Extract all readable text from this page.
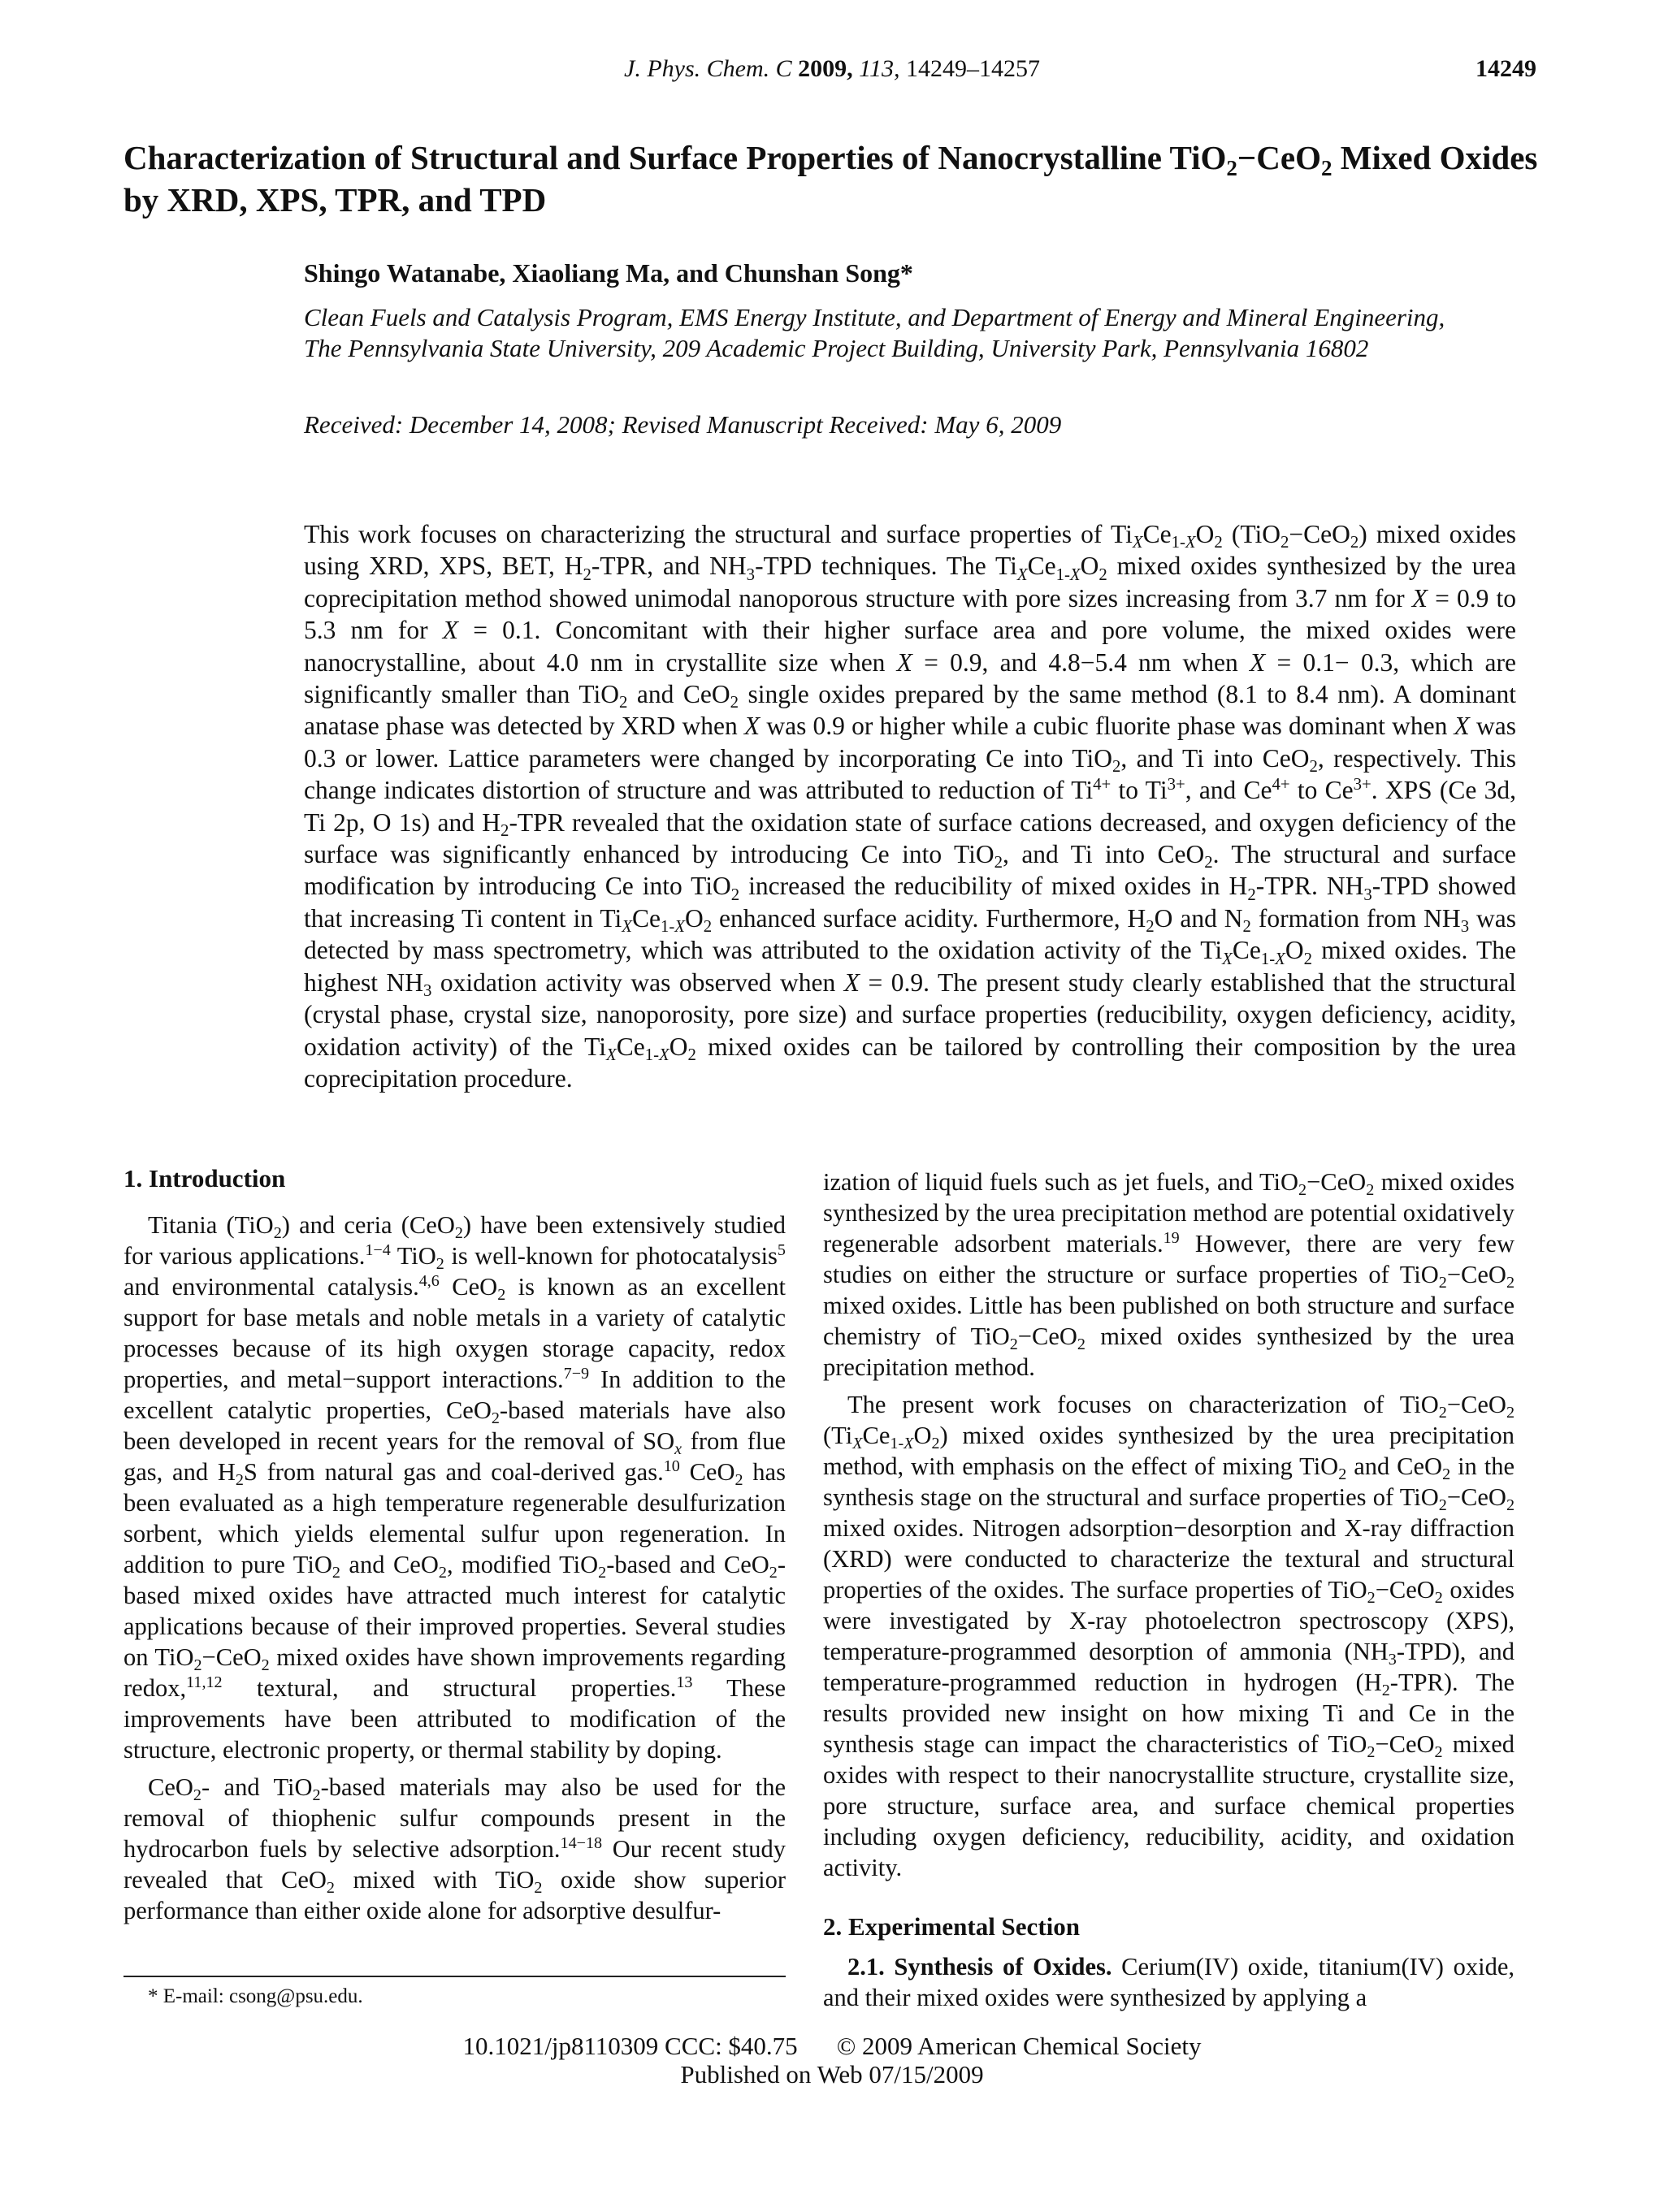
J. Phys. Chem. C 2009, 113, 14249–14257	14249
Characterization of Structural and Surface Properties of Nanocrystalline TiO$_2$−CeO$_2$ Mixed Oxides by XRD, XPS, TPR, and TPD
Shingo Watanabe, Xiaoliang Ma, and Chunshan Song*
Clean Fuels and Catalysis Program, EMS Energy Institute, and Department of Energy and Mineral Engineering, The Pennsylvania State University, 209 Academic Project Building, University Park, Pennsylvania 16802
Received: December 14, 2008; Revised Manuscript Received: May 6, 2009
This work focuses on characterizing the structural and surface properties of $Ti_XCe_{1-X}O_2$ (TiO$_2$−CeO$_2$) mixed oxides using XRD, XPS, BET, $H_2$-TPR, and $NH_3$-TPD techniques. The $Ti_XCe_{1-X}O_2$ mixed oxides synthesized by the urea coprecipitation method showed unimodal nanoporous structure with pore sizes increasing from 3.7 nm for X = 0.9 to 5.3 nm for X = 0.1. Concomitant with their higher surface area and pore volume, the mixed oxides were nanocrystalline, about 4.0 nm in crystallite size when X = 0.9, and 4.8−5.4 nm when X = 0.1− 0.3, which are significantly smaller than TiO$_2$ and CeO$_2$ single oxides prepared by the same method (8.1 to 8.4 nm). A dominant anatase phase was detected by XRD when X was 0.9 or higher while a cubic fluorite phase was dominant when X was 0.3 or lower. Lattice parameters were changed by incorporating Ce into TiO$_2$, and Ti into CeO$_2$, respectively. This change indicates distortion of structure and was attributed to reduction of $Ti^{4+}$ to $Ti^{3+}$, and $Ce^{4+}$ to $Ce^{3+}$. XPS (Ce 3d, Ti 2p, O 1s) and $H_2$-TPR revealed that the oxidation state of surface cations decreased, and oxygen deficiency of the surface was significantly enhanced by introducing Ce into TiO$_2$, and Ti into CeO$_2$. The structural and surface modification by introducing Ce into TiO$_2$ increased the reducibility of mixed oxides in $H_2$-TPR. $NH_3$-TPD showed that increasing Ti content in $Ti_XCe_{1-X}O_2$ enhanced surface acidity. Furthermore, $H_2O$ and $N_2$ formation from $NH_3$ was detected by mass spectrometry, which was attributed to the oxidation activity of the $Ti_XCe_{1-X}O_2$ mixed oxides. The highest $NH_3$ oxidation activity was observed when X = 0.9. The present study clearly established that the structural (crystal phase, crystal size, nanoporosity, pore size) and surface properties (reducibility, oxygen deficiency, acidity, oxidation activity) of the $Ti_XCe_{1-X}O_2$ mixed oxides can be tailored by controlling their composition by the urea coprecipitation procedure.
1. Introduction

Titania (TiO$_2$) and ceria (CeO$_2$) have been extensively studied for various applications.$^{1-4}$ TiO$_2$ is well-known for photocatalysis$^5$ and environmental catalysis.$^{4,6}$ CeO$_2$ is known as an excellent support for base metals and noble metals in a variety of catalytic processes because of its high oxygen storage capacity, redox properties, and metal−support interactions.$^{7-9}$ In addition to the excellent catalytic properties, CeO$_2$-based materials have also been developed in recent years for the removal of $SO_x$ from flue gas, and $H_2S$ from natural gas and coal-derived gas.$^{10}$ CeO$_2$ has been evaluated as a high temperature regenerable desulfurization sorbent, which yields elemental sulfur upon regeneration. In addition to pure TiO$_2$ and CeO$_2$, modified TiO$_2$-based and CeO$_2$-based mixed oxides have attracted much interest for catalytic applications because of their improved properties. Several studies on TiO$_2$−CeO$_2$ mixed oxides have shown improvements regarding redox,$^{11,12}$ textural, and structural properties.$^{13}$ These improvements have been attributed to modification of the structure, electronic property, or thermal stability by doping.

CeO$_2$- and TiO$_2$-based materials may also be used for the removal of thiophenic sulfur compounds present in the hydrocarbon fuels by selective adsorption.$^{14-18}$ Our recent study revealed that CeO$_2$ mixed with TiO$_2$ oxide show superior performance than either oxide alone for adsorptive desulfur-

ization of liquid fuels such as jet fuels, and TiO$_2$−CeO$_2$ mixed oxides synthesized by the urea precipitation method are potential oxidatively regenerable adsorbent materials.$^{19}$ However, there are very few studies on either the structure or surface properties of TiO$_2$−CeO$_2$ mixed oxides. Little has been published on both structure and surface chemistry of TiO$_2$−CeO$_2$ mixed oxides synthesized by the urea precipitation method.

The present work focuses on characterization of TiO$_2$−CeO$_2$ $(Ti_XCe_{1-X}O_2)$ mixed oxides synthesized by the urea precipitation method, with emphasis on the effect of mixing TiO$_2$ and CeO$_2$ in the synthesis stage on the structural and surface properties of TiO$_2$−CeO$_2$ mixed oxides. Nitrogen adsorption−desorption and X-ray diffraction (XRD) were conducted to characterize the textural and structural properties of the oxides. The surface properties of TiO$_2$−CeO$_2$ oxides were investigated by X-ray photoelectron spectroscopy (XPS), temperature-programmed desorption of ammonia $(NH_3-TPD)$, and temperature-programmed reduction in hydrogen $(H_2-TPR)$. The results provided new insight on how mixing Ti and Ce in the synthesis stage can impact the characteristics of TiO$_2$−CeO$_2$ mixed oxides with respect to their nanocrystallite structure, crystallite size, pore structure, surface area, and surface chemical properties including oxygen deficiency, reducibility, acidity, and oxidation activity.

2. Experimental Section

2.1. Synthesis of Oxides. Cerium(IV) oxide, titanium(IV) oxide, and their mixed oxides were synthesized by applying a

* E-mail: csong@psu.edu.
10.1021/jp8110309 CCC: $40.75 © 2009 American Chemical Society
Published on Web 07/15/2009
